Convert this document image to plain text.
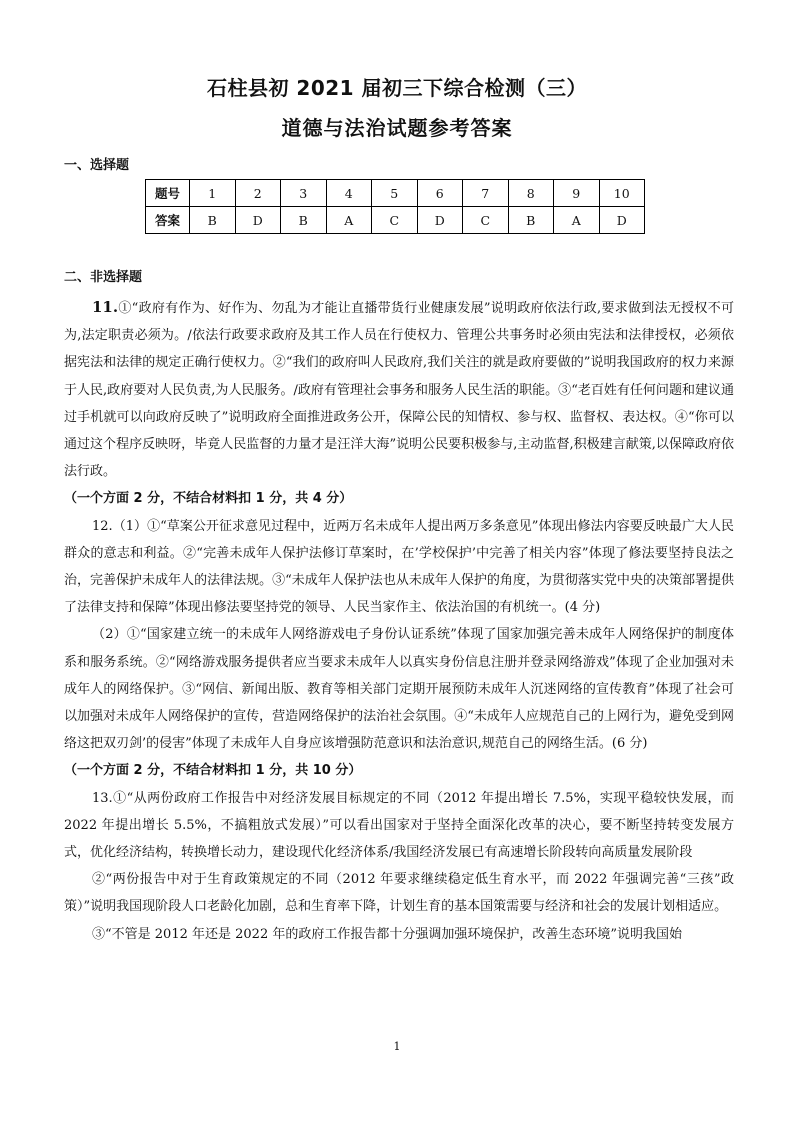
石柱县初 2021 届初三下综合检测（三）
道德与法治试题参考答案
一、选择题
题号	1	2	3	4	5	6	7	8	9	10
答案	B	D	B	A	C	D	C	B	A	D
二、非选择题

11.①“政府有作为、好作为、勿乱为才能让直播带货行业健康发展”说明政府依法行政,要求做到法无授权不可为,法定职责必须为。/依法行政要求政府及其工作人员在行使权力、管理公共事务时必须由宪法和法律授权，必须依据宪法和法律的规定正确行使权力。②“我们的政府叫人民政府,我们关注的就是政府要做的”说明我国政府的权力来源于人民,政府要对人民负责,为人民服务。/政府有管理社会事务和服务人民生活的职能。③“老百姓有任何问题和建议通过手机就可以向政府反映了”说明政府全面推进政务公开，保障公民的知情权、参与权、监督权、表达权。④“你可以通过这个程序反映呀，毕竟人民监督的力量才是汪洋大海”说明公民要积极参与,主动监督,积极建言献策,以保障政府依法行政。

（一个方面 2 分，不结合材料扣 1 分，共 4 分）

12.（1）①“草案公开征求意见过程中，近两万名未成年人提出两万多条意见”体现出修法内容要反映最广大人民群众的意志和利益。②“完善未成年人保护法修订草案时，在’学校保护’中完善了相关内容”体现了修法要坚持良法之治，完善保护未成年人的法律法规。③“未成年人保护法也从未成年人保护的角度，为贯彻落实党中央的决策部署提供了法律支持和保障”体现出修法要坚持党的领导、人民当家作主、依法治国的有机统一。(4 分)

（2）①“国家建立统一的未成年人网络游戏电子身份认证系统”体现了国家加强完善未成年人网络保护的制度体系和服务系统。②“网络游戏服务提供者应当要求未成年人以真实身份信息注册并登录网络游戏”体现了企业加强对未成年人的网络保护。③“网信、新闻出版、教育等相关部门定期开展预防未成年人沉迷网络的宣传教育”体现了社会可以加强对未成年人网络保护的宣传，营造网络保护的法治社会氛围。④“未成年人应规范自己的上网行为，避免受到网络这把双刃剑’的侵害”体现了未成年人自身应该增强防范意识和法治意识,规范自己的网络生活。(6 分)

（一个方面 2 分，不结合材料扣 1 分，共 10 分）

13.①“从两份政府工作报告中对经济发展目标规定的不同（2012 年提出增长 7.5%，实现平稳较快发展，而 2022 年提出增长 5.5%，不搞粗放式发展）”可以看出国家对于坚持全面深化改革的决心，要不断坚持转变发展方式，优化经济结构，转换增长动力，建设现代化经济体系/我国经济发展已有高速增长阶段转向高质量发展阶段

②“两份报告中对于生育政策规定的不同（2012 年要求继续稳定低生育水平，而 2022 年强调完善“三孩”政策）”说明我国现阶段人口老龄化加剧，总和生育率下降，计划生育的基本国策需要与经济和社会的发展计划相适应。

③“不管是 2012 年还是 2022 年的政府工作报告都十分强调加强环境保护，改善生态环境”说明我国始

1
